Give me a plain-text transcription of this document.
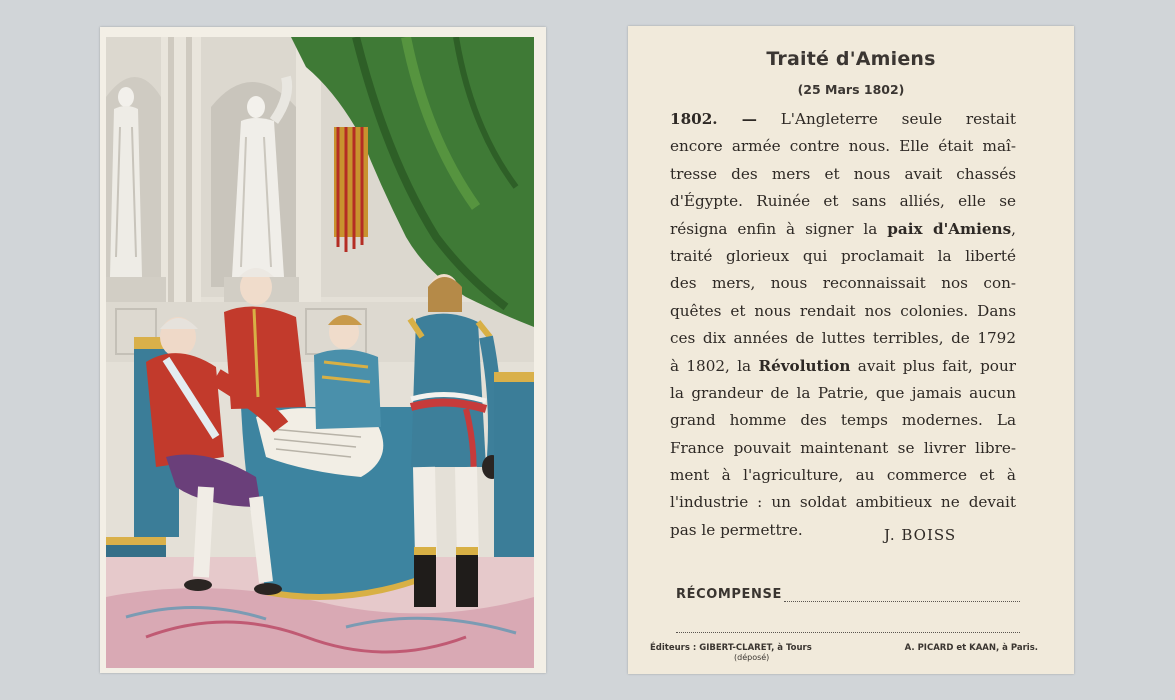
Traité d'Amiens
(25 Mars 1802)
1802. — L'Angleterre seule restait
encore armée contre nous. Elle était maî-
tresse des mers et nous avait chassés
d'Égypte. Ruinée et sans alliés, elle se
résigna enfin à signer la paix d'Amiens,
traité glorieux qui proclamait la liberté
des mers, nous reconnaissait nos con-
quêtes et nous rendait nos colonies. Dans
ces dix années de luttes terribles, de 1792
à 1802, la Révolution avait plus fait, pour
la grandeur de la Patrie, que jamais aucun
grand homme des temps modernes. La
France pouvait maintenant se livrer libre-
ment à l'agriculture, au commerce et à
l'industrie : un soldat ambitieux ne devait
pas le permettre.	J. BOISS
RÉCOMPENSE
Éditeurs : GIBERT-CLARET, à Tours
(déposé)
A. PICARD et KAAN, à Paris.
